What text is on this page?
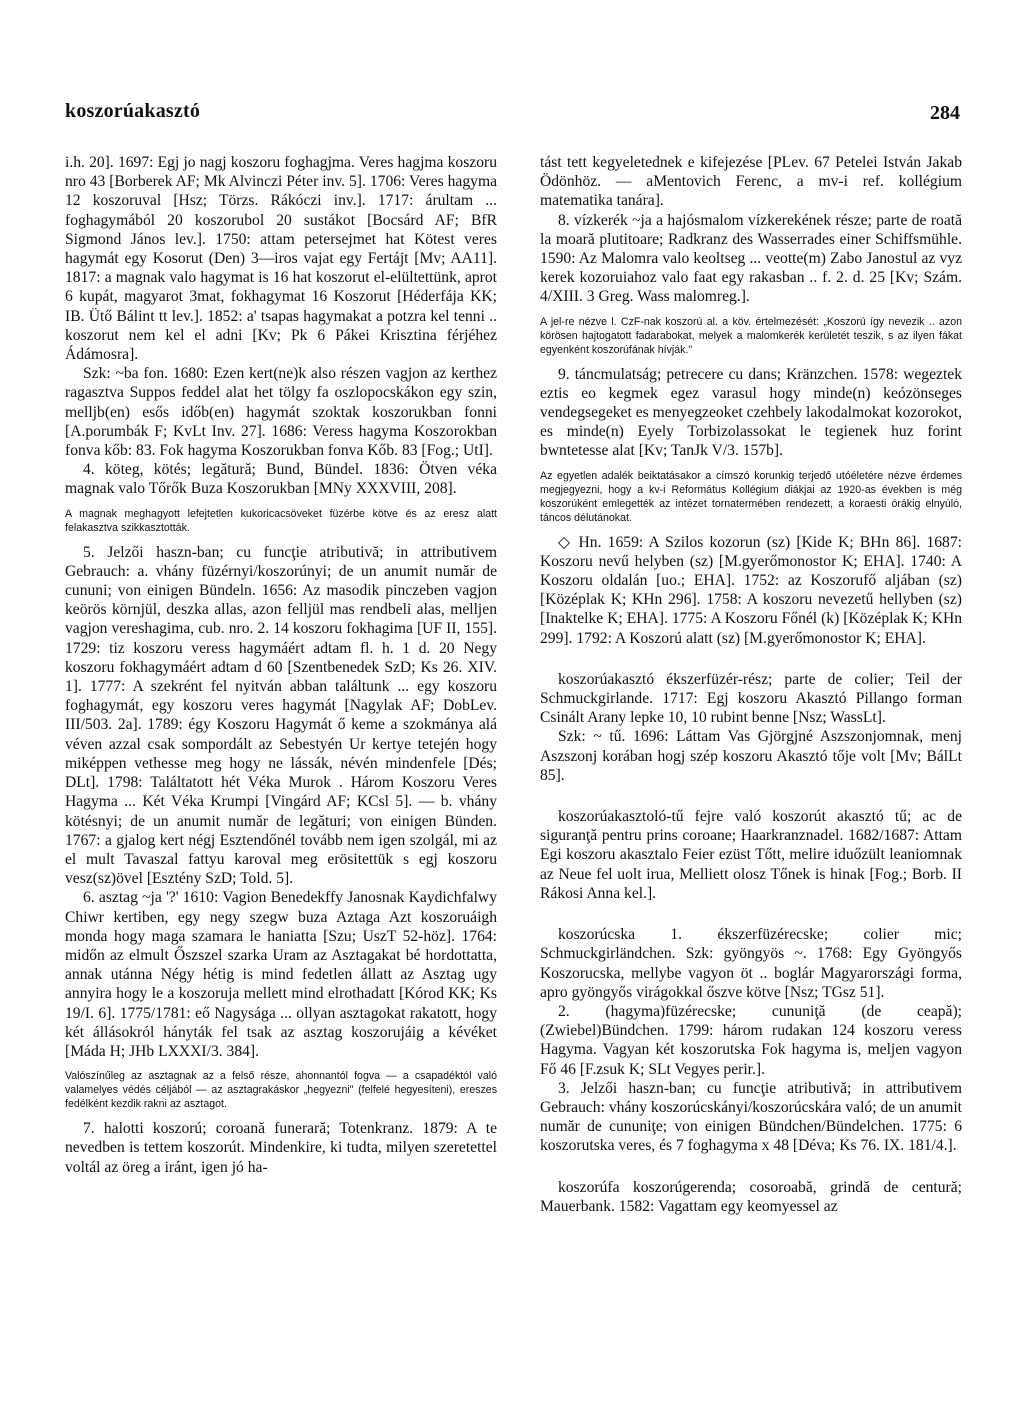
koszorúakasztó	284

i.h. 20]. 1697: Egj jo nagj koszoru foghagjma. Veres hagjma koszoru nro 43 [Borberek AF; Mk Alvinczi Péter inv. 5]. 1706: Veres hagyma 12 koszoruval [Hsz; Törzs. Rákóczi inv.]. 1717: árultam ... foghagymából 20 koszorubol 20 sustákot [Bocsárd AF; BfR Sigmond János lev.]. 1750: attam petersejmet hat Kötest veres hagymát egy Kosorut (Den) 3—iros vajat egy Fertájt [Mv; AA11]. 1817: a magnak valo hagymat is 16 hat koszorut el-elültettünk, aprot 6 kupát, magyarot 3mat, fokhagymat 16 Koszorut [Héderfája KK; IB. Ütő Bálint tt lev.]. 1852: a' tsapas hagymakat a potzra kel tenni .. koszorut nem kel el adni [Kv; Pk 6 Pákei Krisztina férjéhez Ádámosra].

Szk: ~ba fon. 1680: Ezen kert(ne)k also részen vagjon az kerthez ragasztva Suppos feddel alat het tölgy fa oszlopocskákon egy szin, melljb(en) esős időb(en) hagymát szoktak koszorukban fonni [A.porumbák F; KvLt Inv. 27]. 1686: Veress hagyma Koszorokban fonva kőb: 83. Fok hagyma Koszorukban fonva Kőb. 83 [Fog.; UtI].

4. köteg, kötés; legătură; Bund, Bündel. 1836: Ötven véka magnak valo Tőrők Buza Koszorukban [MNy XXXVIII, 208].

A magnak meghagyott lefejtetlen kukoricacsöveket füzérbe kötve és az eresz alatt felakasztva szikkasztották.

5. Jelzői haszn-ban; cu funcţie atributivă; in attributivem Gebrauch: a. vhány füzérnyi/koszorúnyi; de un anumit număr de cununi; von einigen Bündeln. 1656: Az masodik pinczeben vagjon keörös körnjül, deszka allas, azon felljül mas rendbeli alas, melljen vagjon vereshagima, cub. nro. 2. 14 koszoru fokhagima [UF II, 155]. 1729: tiz koszoru veress hagymáért adtam fl. h. 1 d. 20 Negy koszoru fokhagymáért adtam d 60 [Szentbenedek SzD; Ks 26. XIV. 1]. 1777: A szekrént fel nyitván abban találtunk ... egy koszoru foghagymát, egy koszoru veres hagymát [Nagylak AF; DobLev. III/503. 2a]. 1789: égy Koszoru Hagymát ő keme a szokmánya alá véven azzal csak sompordált az Sebestyén Ur kertye tetején hogy miképpen vethesse meg hogy ne lássák, névén mindenfele [Dés; DLt]. 1798: Találtatott hét Véka Murok . Három Koszoru Veres Hagyma ... Két Véka Krumpi [Vingárd AF; KCsl 5]. — b. vhány kötésnyi; de un anumit număr de legături; von einigen Bünden. 1767: a gjalog kert négj Esztendőnél tovább nem igen szolgál, mi az el mult Tavaszal fattyu karoval meg erösitettük s egj koszoru vesz(sz)övel [Esztény SzD; Told. 5].

6. asztag ~ja '?' 1610: Vagion Benedekffy Janosnak Kaydichfalwy Chiwr kertiben, egy negy szegw buza Aztaga Azt koszoruáigh monda hogy maga szamara le haniatta [Szu; UszT 52-höz]. 1764: midőn az elmult Őszszel szarka Uram az Asztagakat bé hordottatta, annak utánna Négy hétig is mind fedetlen állatt az Asztag ugy annyira hogy le a koszoruja mellett mind elrothadatt [Kórod KK; Ks 19/I. 6]. 1775/1781: eő Nagysága ... ollyan asztagokat rakatott, hogy két állásokról hányták fel tsak az asztag koszorujáig a kévéket [Máda H; JHb LXXXI/3. 384].

Valószínűleg az asztagnak az a felső része, ahonnantól fogva — a csapadéktól való valamelyes védés céljából — az asztagrakáskor „hegyezni" (felfelé hegyesíteni), ereszes fedélként kezdik rakni az asztagot.

7. halotti koszorú; coroană funerară; Totenkranz. 1879: A te nevedben is tettem koszorút. Mindenkire, ki tudta, milyen szeretettel voltál az öreg a iránt, igen jó ha-

tást tett kegyeletednek e kifejezése [PLev. 67 Petelei István Jakab Ödönhöz. — aMentovich Ferenc, a mv-i ref. kollégium matematika tanára].

8. vízkerék ~ja a hajósmalom vízkerekének része; parte de roată la moară plutitoare; Radkranz des Wasserrades einer Schiffsmühle. 1590: Az Malomra valo keoltseg ... veotte(m) Zabo Janostul az vyz kerek kozoruiahoz valo faat egy rakasban .. f. 2. d. 25 [Kv; Szám. 4/XIII. 3 Greg. Wass malomreg.].

A jel-re nézve l. CzF-nak koszorú al. a köv. értelmezését: „Koszorú így nevezik .. azon körösen hajtogatott fadarabokat, melyek a malomkerék kerületét teszik, s az ilyen fákat egyenként koszorúfának hívják."

9. táncmulatság; petrecere cu dans; Kränzchen. 1578: wegeztek eztis eo kegmek egez varasul hogy minde(n) keózönseges vendegsegeket es menyegzeoket czehbely lakodalmokat kozorokot, es minde(n) Eyely Torbizolassokat le tegienek huz forint bwntetesse alat [Kv; TanJk V/3. 157b].

Az egyetlen adalék beiktatásakor a címszó korunkig terjedő utóéletére nézve érdemes megjegyezni, hogy a kv-i Református Kollégium diákjai az 1920-as években is még koszorúként emlegették az intézet tornatermében rendezett, a koraesti órákig elnyúló, táncos délutánokat.

◇ Hn. 1659: A Szilos kozorun (sz) [Kide K; BHn 86]. 1687: Koszoru nevű helyben (sz) [M.gyerőmonostor K; EHA]. 1740: A Koszoru oldalán [uo.; EHA]. 1752: az Koszorufő aljában (sz) [Középlak K; KHn 296]. 1758: A koszoru nevezetű hellyben (sz) [Inaktelke K; EHA]. 1775: A Koszoru Főnél (k) [Középlak K; KHn 299]. 1792: A Koszorú alatt (sz) [M.gyerőmonostor K; EHA].

koszorúakasztó ékszerfüzér-rész; parte de colier; Teil der Schmuckgirlande. 1717: Egj koszoru Akasztó Pillango forman Csinált Arany lepke 10, 10 rubint benne [Nsz; WassLt].

Szk: ~ tű. 1696: Láttam Vas Gjörgjné Aszszonjomnak, menj Aszszonj korában hogj szép koszoru Akasztó tője volt [Mv; BálLt 85].

koszorúakasztoló-tű fejre való koszorút akasztó tű; ac de siguranţă pentru prins coroane; Haarkranznadel. 1682/1687: Attam Egi koszoru akasztalo Feier ezüst Tőtt, melire iduőzült leaniomnak az Neue fel uolt irua, Melliett olosz Tőnek is hinak [Fog.; Borb. II Rákosi Anna kel.].

koszorúcska 1. ékszerfüzérecske; colier mic; Schmuckgirländchen. Szk: gyöngyös ~. 1768: Egy Gyöngyős Koszorucska, mellybe vagyon öt .. boglár Magyarországi forma, apro gyöngyős virágokkal őszve kötve [Nsz; TGsz 51].

2. (hagyma)füzérecske; cununiţă (de ceapă); (Zwiebel)Bündchen. 1799: három rudakan 124 koszoru veress Hagyma. Vagyan két koszorutska Fok hagyma is, meljen vagyon Fő 46 [F.zsuk K; SLt Vegyes perir.].

3. Jelzői haszn-ban; cu funcţie atributivă; in attributivem Gebrauch: vhány koszorúcskányi/koszorúcskára való; de un anumit număr de cununiţe; von einigen Bündchen/Bündelchen. 1775: 6 koszorutska veres, és 7 foghagyma x 48 [Déva; Ks 76. IX. 181/4.].

koszorúfa koszorúgerenda; cosoroabă, grindă de centură; Mauerbank. 1582: Vagattam egy keomyessel az
